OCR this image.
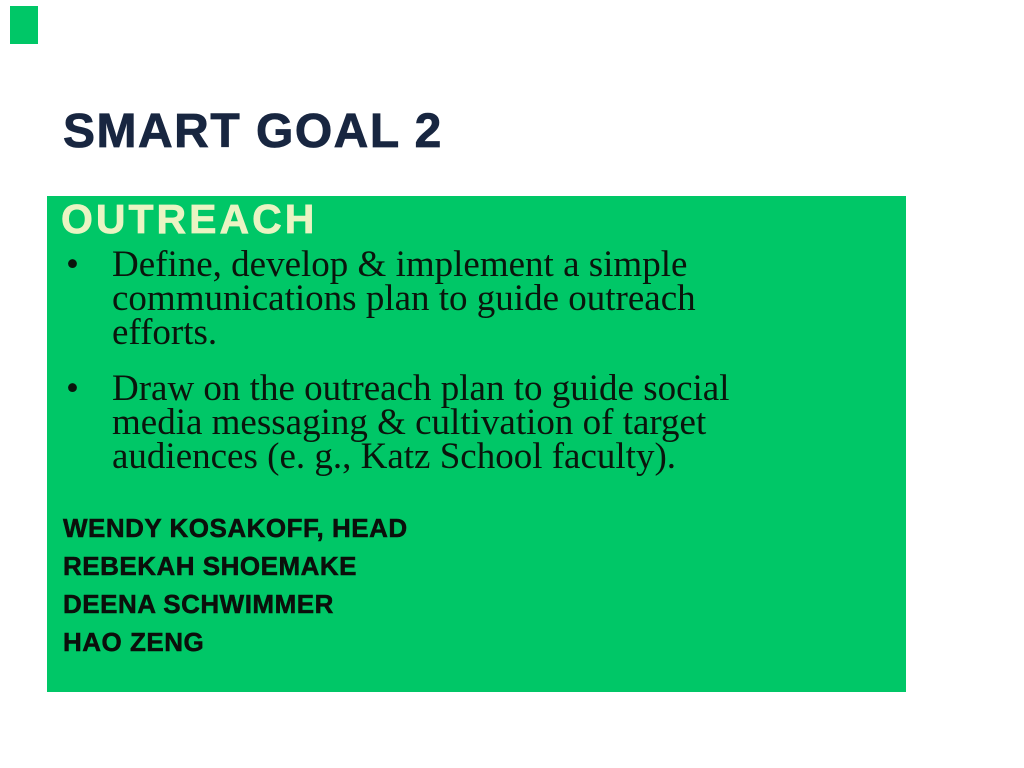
SMART GOAL 2
OUTREACH
•
Define, develop & implement a simple communications plan to guide outreach efforts.
•
Draw on the outreach plan to guide social media messaging & cultivation of target audiences (e. g., Katz School faculty).
WENDY KOSAKOFF, HEAD
REBEKAH SHOEMAKE
DEENA SCHWIMMER
HAO ZENG
